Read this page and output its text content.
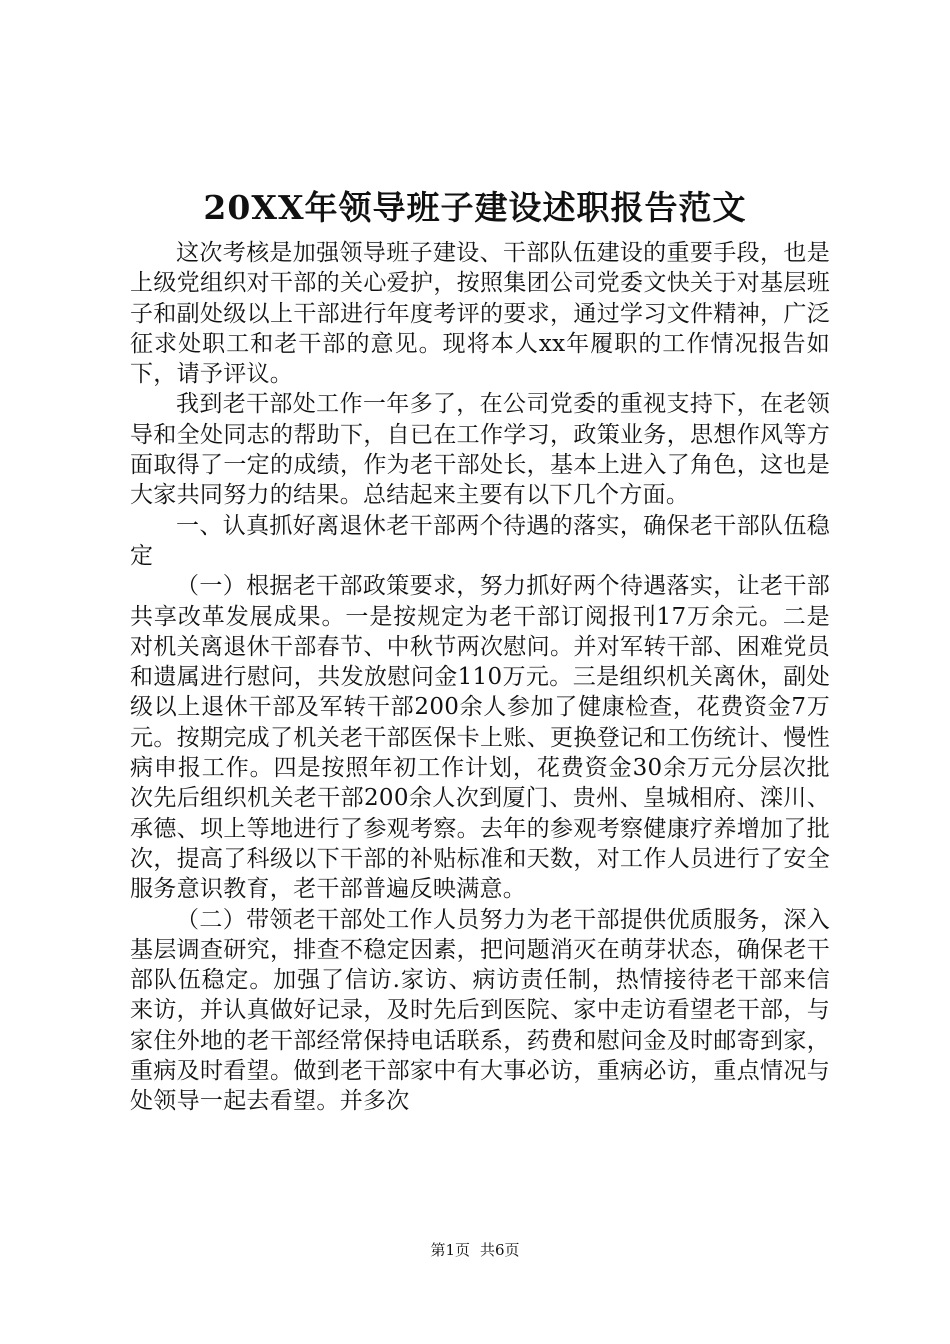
20XX年领导班子建设述职报告范文

这次考核是加强领导班子建设、干部队伍建设的重要手段，也是上级党组织对干部的关心爱护，按照集团公司党委文快关于对基层班子和副处级以上干部进行年度考评的要求，通过学习文件精神，广泛征求处职工和老干部的意见。现将本人xx年履职的工作情况报告如下，请予评议。

我到老干部处工作一年多了，在公司党委的重视支持下，在老领导和全处同志的帮助下，自已在工作学习，政策业务，思想作风等方面取得了一定的成绩，作为老干部处长，基本上进入了角色，这也是大家共同努力的结果。总结起来主要有以下几个方面。

一、认真抓好离退休老干部两个待遇的落实，确保老干部队伍稳定

（一）根据老干部政策要求，努力抓好两个待遇落实，让老干部共享改革发展成果。一是按规定为老干部订阅报刊17万余元。二是对机关离退休干部春节、中秋节两次慰问。并对军转干部、困难党员和遗属进行慰问，共发放慰问金110万元。三是组织机关离休，副处级以上退休干部及军转干部200余人参加了健康检查，花费资金7万元。按期完成了机关老干部医保卡上账、更换登记和工伤统计、慢性病申报工作。四是按照年初工作计划，花费资金30余万元分层次批次先后组织机关老干部200余人次到厦门、贵州、皇城相府、滦川、承德、坝上等地进行了参观考察。去年的参观考察健康疗养增加了批次，提高了科级以下干部的补贴标准和天数，对工作人员进行了安全服务意识教育，老干部普遍反映满意。

（二）带领老干部处工作人员努力为老干部提供优质服务，深入基层调查研究，排查不稳定因素，把问题消灭在萌芽状态，确保老干部队伍稳定。加强了信访.家访、病访责任制，热情接待老干部来信来访，并认真做好记录，及时先后到医院、家中走访看望老干部，与家住外地的老干部经常保持电话联系，药费和慰问金及时邮寄到家，重病及时看望。做到老干部家中有大事必访，重病必访，重点情况与处领导一起去看望。并多次

第1页 共6页
